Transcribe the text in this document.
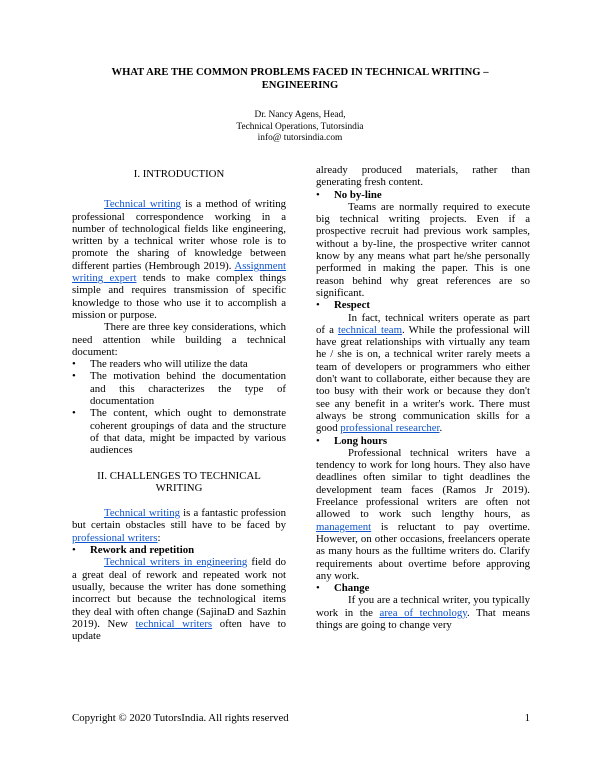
WHAT ARE THE COMMON PROBLEMS FACED IN TECHNICAL WRITING –
ENGINEERING
Dr. Nancy Agens, Head,
Technical Operations, Tutorsindia
info@ tutorsindia.com

I. INTRODUCTION

Technical writing is a method of writing professional correspondence working in a number of technological fields like engineering, written by a technical writer whose role is to promote the sharing of knowledge between different parties (Hembrough 2019). Assignment writing expert tends to make complex things simple and requires transmission of specific knowledge to those who use it to accomplish a mission or purpose.

There are three key considerations, which need attention while building a technical document:

• The readers who will utilize the data
• The motivation behind the documentation and this characterizes the type of documentation
• The content, which ought to demonstrate coherent groupings of data and the structure of that data, might be impacted by various audiences

II. CHALLENGES TO TECHNICAL
WRITING

Technical writing is a fantastic profession but certain obstacles still have to be faced by professional writers:

• Rework and repetition

Technical writers in engineering field do a great deal of rework and repeated work not usually, because the writer has done something incorrect but because the technological items they deal with often change (SajinaD and Sazhin 2019). New technical writers often have to update

already produced materials, rather than generating fresh content.

• No by-line

Teams are normally required to execute big technical writing projects. Even if a prospective recruit had previous work samples, without a by-line, the prospective writer cannot know by any means what part he/she personally performed in making the paper. This is one reason behind why great references are so significant.

• Respect

In fact, technical writers operate as part of a technical team. While the professional will have great relationships with virtually any team he / she is on, a technical writer rarely meets a team of developers or programmers who either don't want to collaborate, either because they are too busy with their work or because they don't see any benefit in a writer's work. There must always be strong communication skills for a good professional researcher.

• Long hours

Professional technical writers have a tendency to work for long hours. They also have deadlines often similar to tight deadlines the development team faces (Ramos Jr 2019). Freelance professional writers are often not allowed to work such lengthy hours, as management is reluctant to pay overtime. However, on other occasions, freelancers operate as many hours as the fulltime writers do. Clarify requirements about overtime before approving any work.

• Change

If you are a technical writer, you typically work in the area of technology. That means things are going to change very

Copyright © 2020 TutorsIndia. All rights reserved	1
